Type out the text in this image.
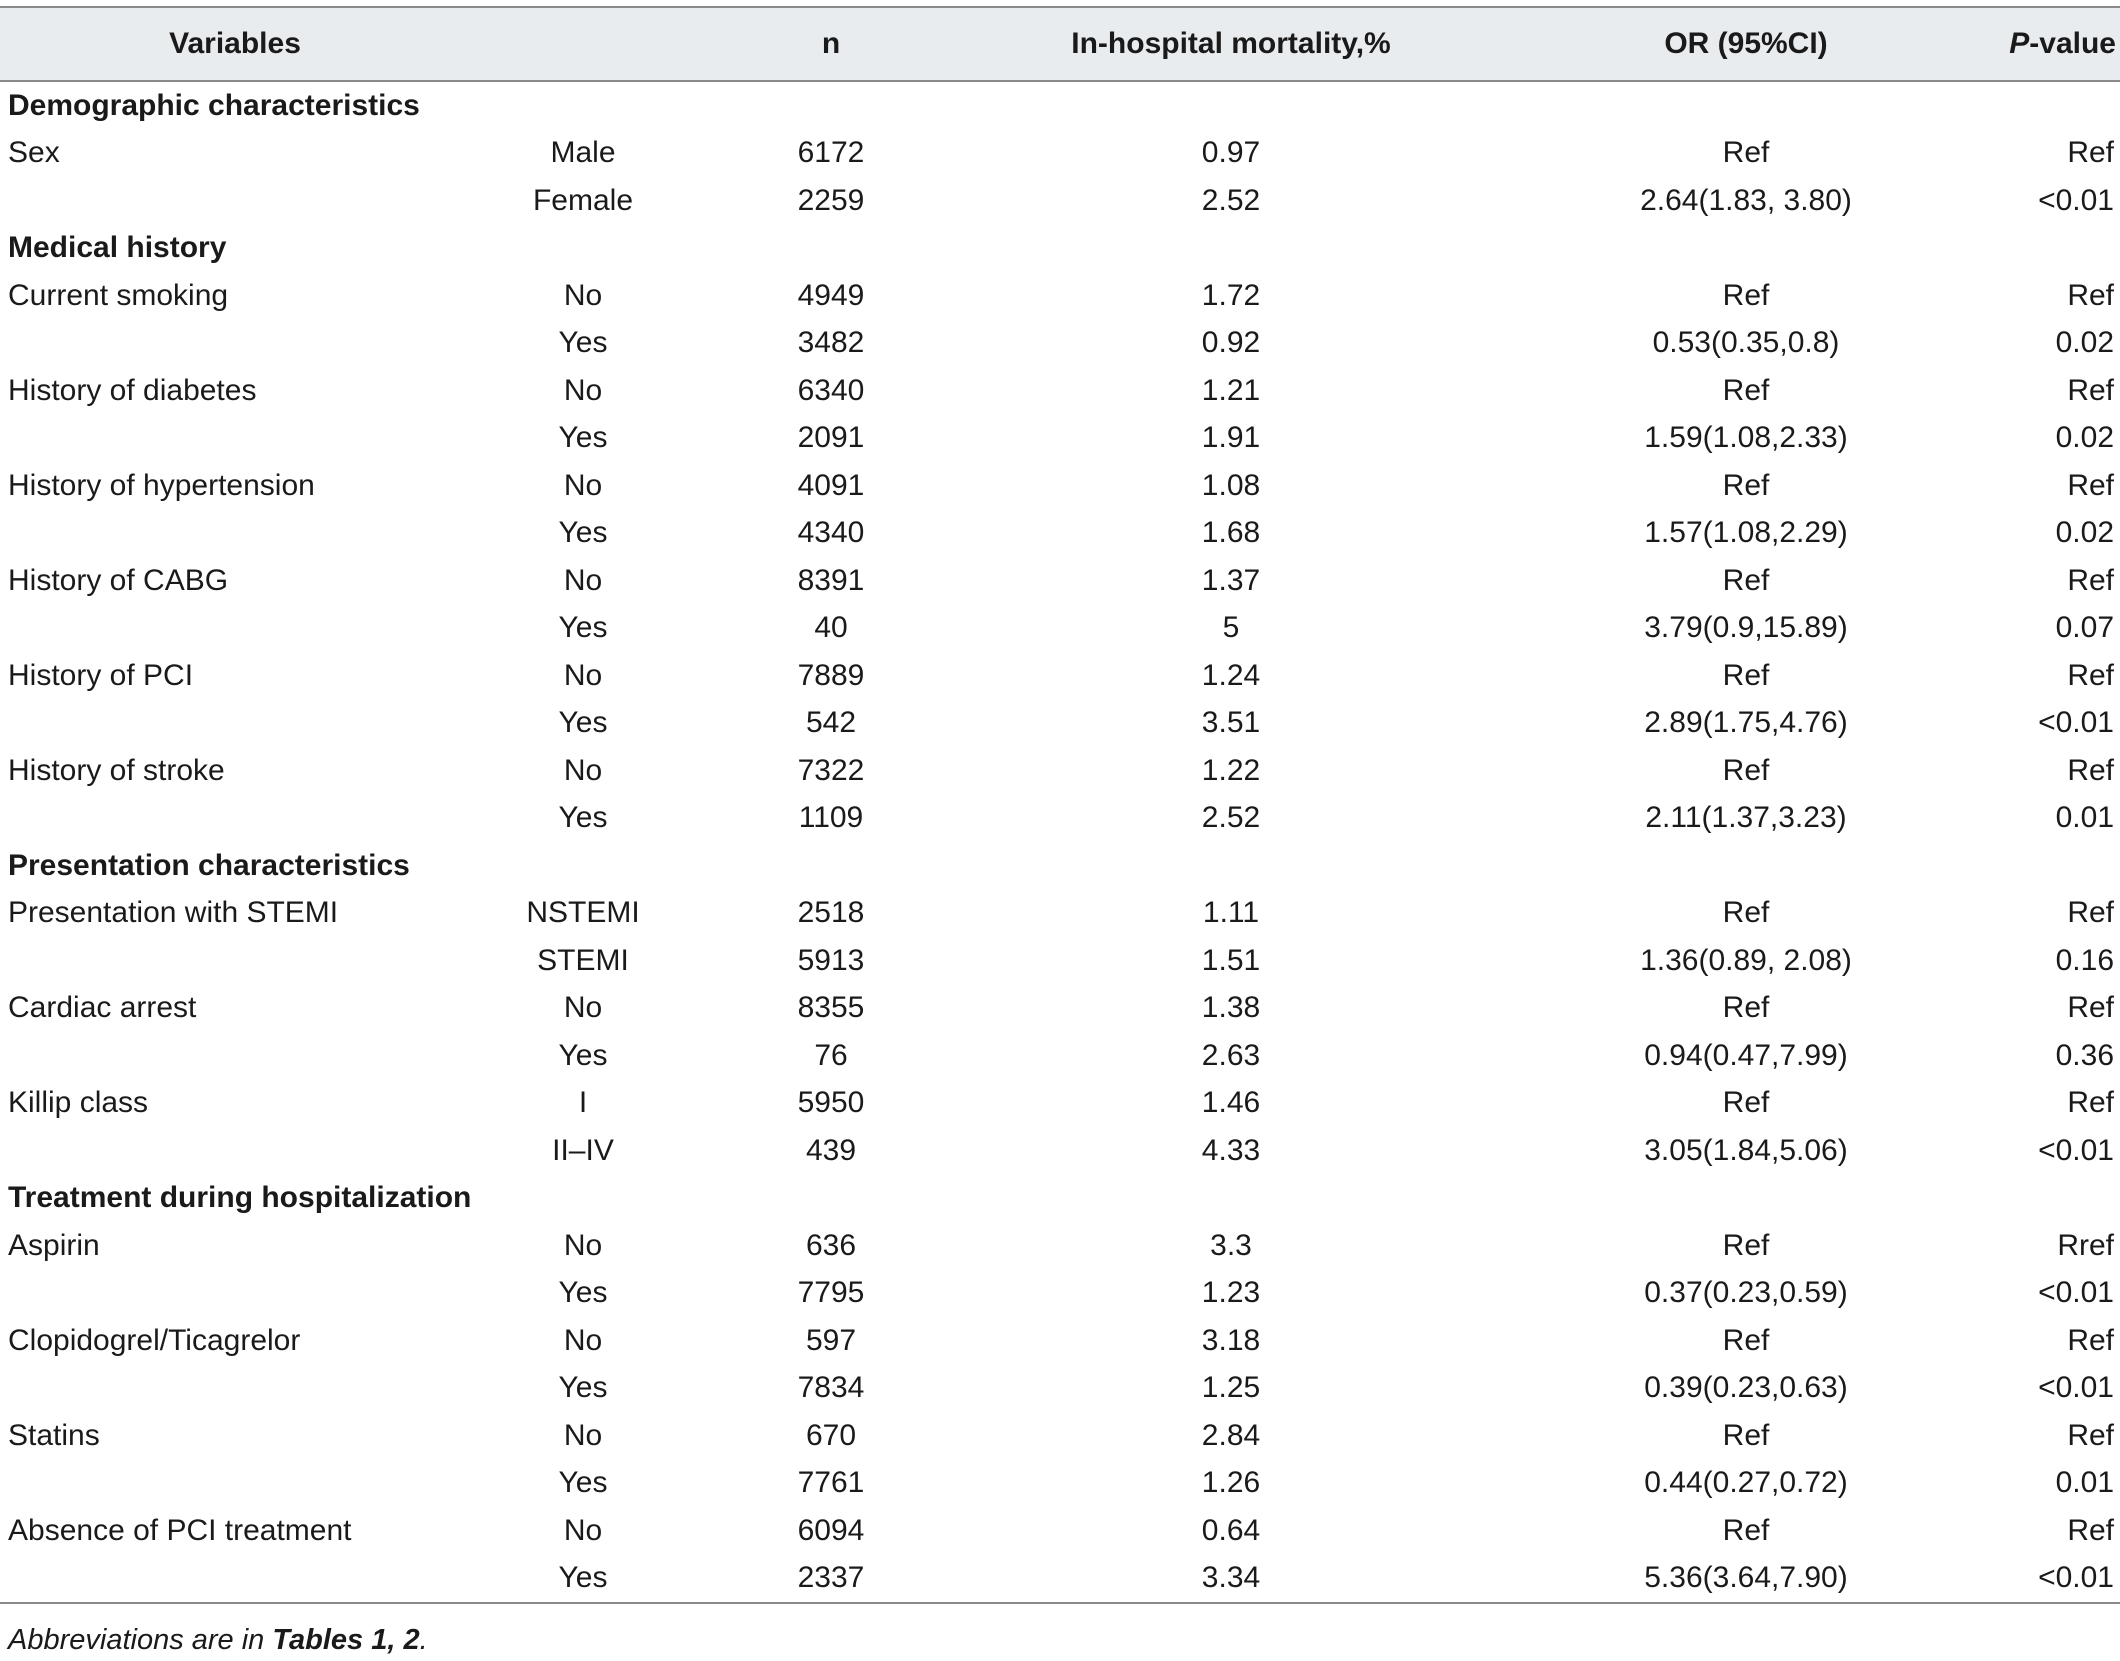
Variables		n	In-hospital mortality,%	OR (95%CI)	P-value
Demographic characteristics					
Sex	Male	6172	0.97	Ref	Ref
	Female	2259	2.52	2.64(1.83, 3.80)	<0.01
Medical history					
Current smoking	No	4949	1.72	Ref	Ref
	Yes	3482	0.92	0.53(0.35,0.8)	0.02
History of diabetes	No	6340	1.21	Ref	Ref
	Yes	2091	1.91	1.59(1.08,2.33)	0.02
History of hypertension	No	4091	1.08	Ref	Ref
	Yes	4340	1.68	1.57(1.08,2.29)	0.02
History of CABG	No	8391	1.37	Ref	Ref
	Yes	40	5	3.79(0.9,15.89)	0.07
History of PCI	No	7889	1.24	Ref	Ref
	Yes	542	3.51	2.89(1.75,4.76)	<0.01
History of stroke	No	7322	1.22	Ref	Ref
	Yes	1109	2.52	2.11(1.37,3.23)	0.01
Presentation characteristics					
Presentation with STEMI	NSTEMI	2518	1.11	Ref	Ref
	STEMI	5913	1.51	1.36(0.89, 2.08)	0.16
Cardiac arrest	No	8355	1.38	Ref	Ref
	Yes	76	2.63	0.94(0.47,7.99)	0.36
Killip class	I	5950	1.46	Ref	Ref
	II–IV	439	4.33	3.05(1.84,5.06)	<0.01
Treatment during hospitalization					
Aspirin	No	636	3.3	Ref	Rref
	Yes	7795	1.23	0.37(0.23,0.59)	<0.01
Clopidogrel/Ticagrelor	No	597	3.18	Ref	Ref
	Yes	7834	1.25	0.39(0.23,0.63)	<0.01
Statins	No	670	2.84	Ref	Ref
	Yes	7761	1.26	0.44(0.27,0.72)	0.01
Absence of PCI treatment	No	6094	0.64	Ref	Ref
	Yes	2337	3.34	5.36(3.64,7.90)	<0.01
Abbreviations are in Tables 1, 2.
